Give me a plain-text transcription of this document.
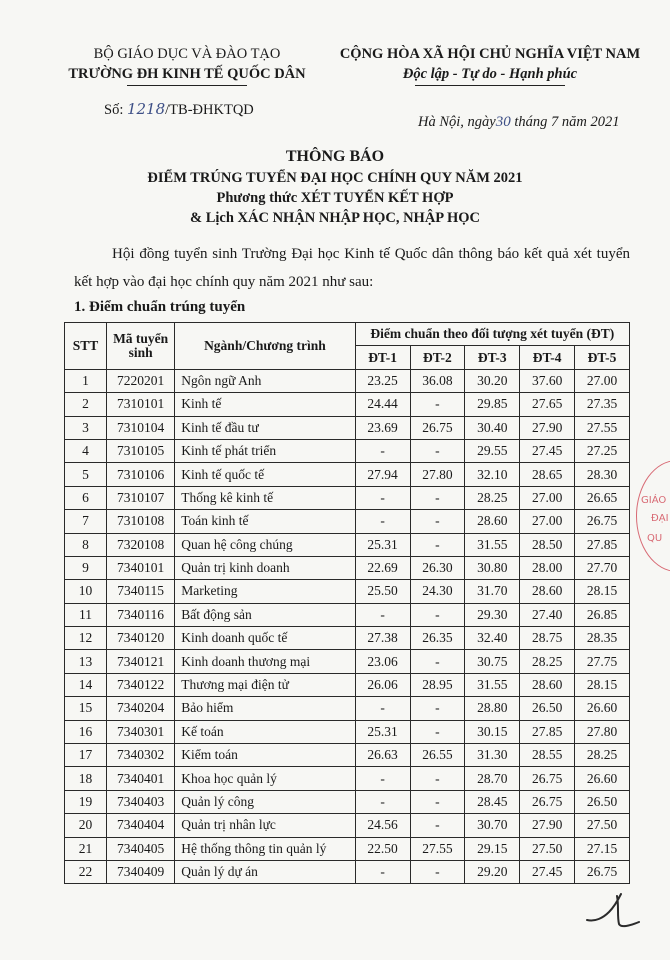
BỘ GIÁO DỤC VÀ ĐÀO TẠO
TRƯỜNG ĐH KINH TẾ QUỐC DÂN
CỘNG HÒA XÃ HỘI CHỦ NGHĨA VIỆT NAM
Độc lập - Tự do - Hạnh phúc
Số: 1218/TB-ĐHKTQD
Hà Nội, ngày30 tháng 7 năm 2021
THÔNG BÁO
ĐIỂM TRÚNG TUYỂN ĐẠI HỌC CHÍNH QUY NĂM 2021
Phương thức XÉT TUYỂN KẾT HỢP
& Lịch XÁC NHẬN NHẬP HỌC, NHẬP HỌC
Hội đồng tuyển sinh Trường Đại học Kinh tế Quốc dân thông báo kết quả xét tuyển kết hợp vào đại học chính quy năm 2021 như sau:
1. Điểm chuẩn trúng tuyển
STT	Mã tuyển sinh	Ngành/Chương trình	Điểm chuẩn theo đối tượng xét tuyển (ĐT)				
			ĐT-1	ĐT-2	ĐT-3	ĐT-4	ĐT-5
1	7220201	Ngôn ngữ Anh	23.25	36.08	30.20	37.60	27.00
2	7310101	Kinh tế	24.44	-	29.85	27.65	27.35
3	7310104	Kinh tế đầu tư	23.69	26.75	30.40	27.90	27.55
4	7310105	Kinh tế phát triển	-	-	29.55	27.45	27.25
5	7310106	Kinh tế quốc tế	27.94	27.80	32.10	28.65	28.30
6	7310107	Thống kê kinh tế	-	-	28.25	27.00	26.65
7	7310108	Toán kinh tế	-	-	28.60	27.00	26.75
8	7320108	Quan hệ công chúng	25.31	-	31.55	28.50	27.85
9	7340101	Quản trị kinh doanh	22.69	26.30	30.80	28.00	27.70
10	7340115	Marketing	25.50	24.30	31.70	28.60	28.15
11	7340116	Bất động sản	-	-	29.30	27.40	26.85
12	7340120	Kinh doanh quốc tế	27.38	26.35	32.40	28.75	28.35
13	7340121	Kinh doanh thương mại	23.06	-	30.75	28.25	27.75
14	7340122	Thương mại điện tử	26.06	28.95	31.55	28.60	28.15
15	7340204	Bảo hiểm	-	-	28.80	26.50	26.60
16	7340301	Kế toán	25.31	-	30.15	27.85	27.80
17	7340302	Kiểm toán	26.63	26.55	31.30	28.55	28.25
18	7340401	Khoa học quản lý	-	-	28.70	26.75	26.60
19	7340403	Quản lý công	-	-	28.45	26.75	26.50
20	7340404	Quản trị nhân lực	24.56	-	30.70	27.90	27.50
21	7340405	Hệ thống thông tin quản lý	22.50	27.55	29.15	27.50	27.15
22	7340409	Quản lý dự án	-	-	29.20	27.45	26.75
GIÁO
ĐẠI
QU
